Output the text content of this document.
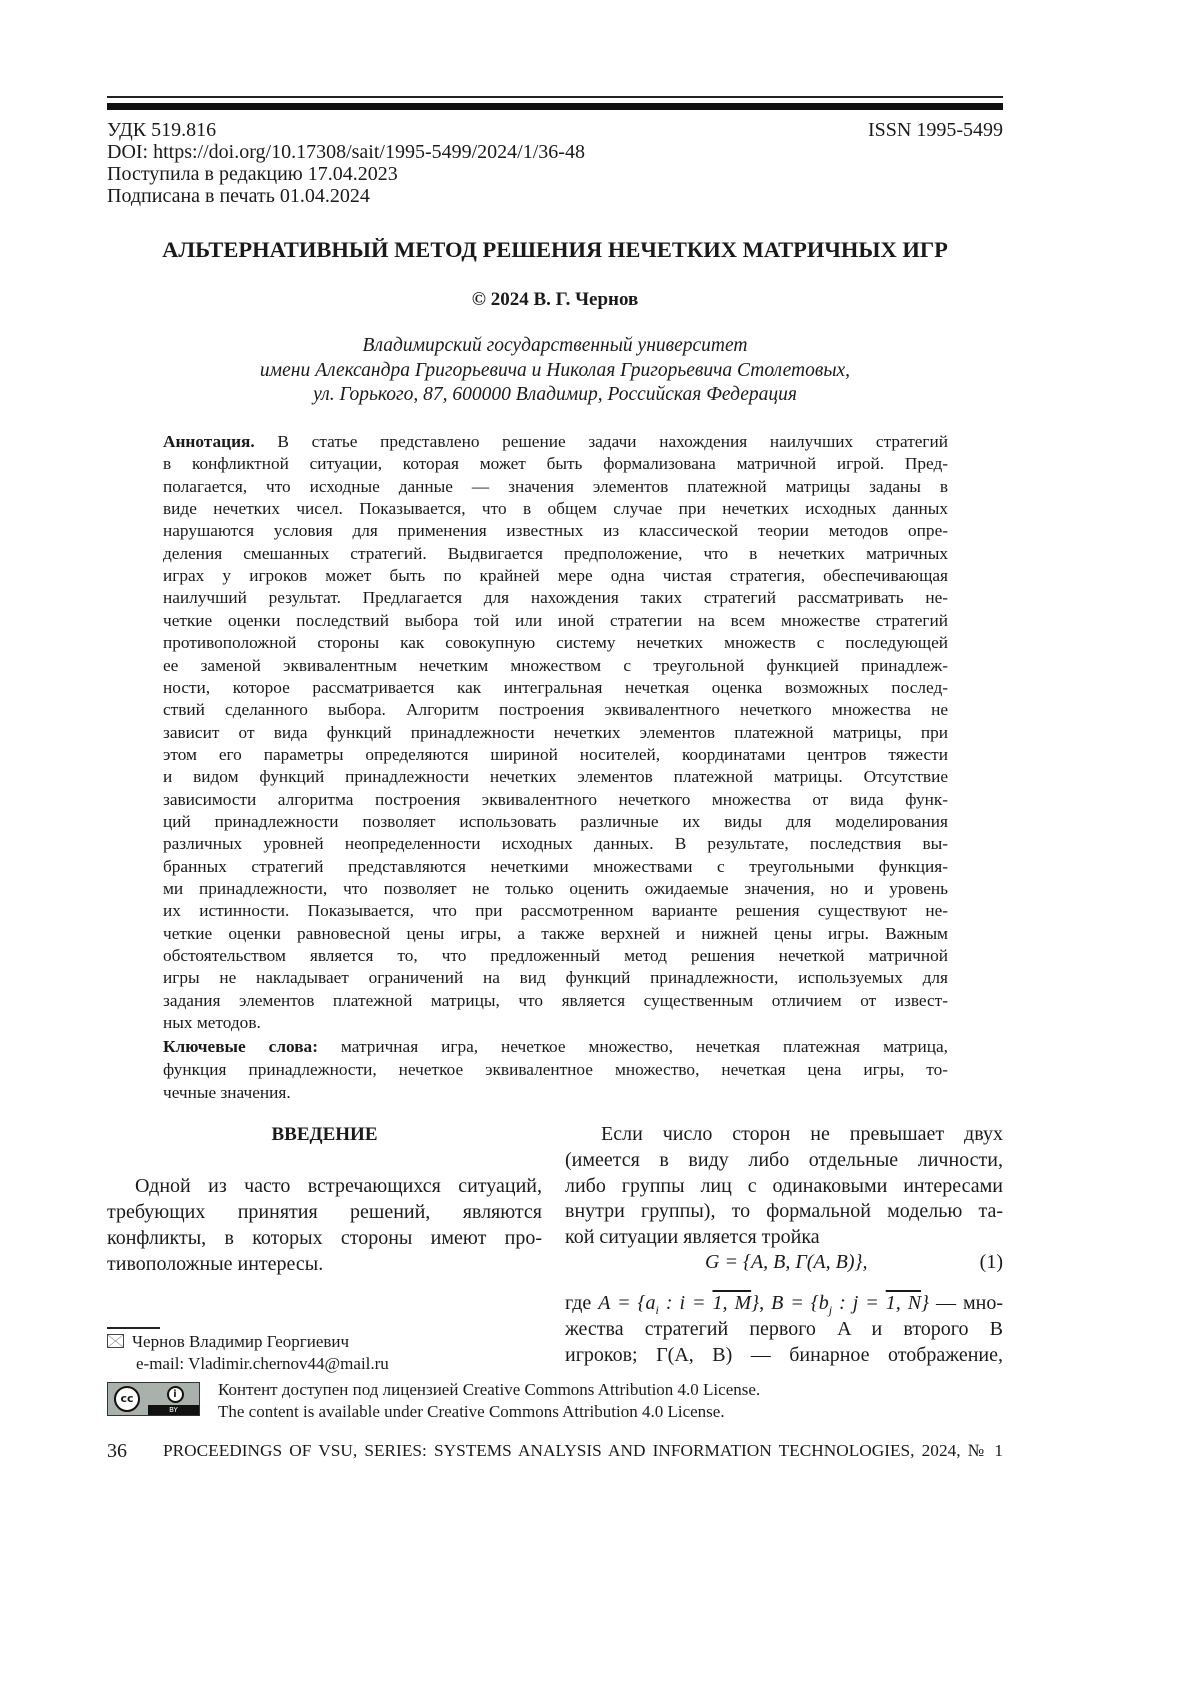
УДК 519.816
DOI: https://doi.org/10.17308/sait/1995-5499/2024/1/36-48
Поступила в редакцию 17.04.2023
Подписана в печать 01.04.2024
ISSN 1995-5499
АЛЬТЕРНАТИВНЫЙ МЕТОД РЕШЕНИЯ НЕЧЕТКИХ МАТРИЧНЫХ ИГР
© 2024 В. Г. Чернов
Владимирский государственный университет
имени Александра Григорьевича и Николая Григорьевича Столетовых,
ул. Горького, 87, 600000 Владимир, Российская Федерация
Аннотация. В статье представлено решение задачи нахождения наилучших стратегий
в конфликтной ситуации, которая может быть формализована матричной игрой. Пред-
полагается, что исходные данные — значения элементов платежной матрицы заданы в
виде нечетких чисел. Показывается, что в общем случае при нечетких исходных данных
нарушаются условия для применения известных из классической теории методов опре-
деления смешанных стратегий. Выдвигается предположение, что в нечетких матричных
играх у игроков может быть по крайней мере одна чистая стратегия, обеспечивающая
наилучший результат. Предлагается для нахождения таких стратегий рассматривать не-
четкие оценки последствий выбора той или иной стратегии на всем множестве стратегий
противоположной стороны как совокупную систему нечетких множеств с последующей
ее заменой эквивалентным нечетким множеством с треугольной функцией принадлеж-
ности, которое рассматривается как интегральная нечеткая оценка возможных послед-
ствий сделанного выбора. Алгоритм построения эквивалентного нечеткого множества не
зависит от вида функций принадлежности нечетких элементов платежной матрицы, при
этом его параметры определяются шириной носителей, координатами центров тяжести
и видом функций принадлежности нечетких элементов платежной матрицы. Отсутствие
зависимости алгоритма построения эквивалентного нечеткого множества от вида функ-
ций принадлежности позволяет использовать различные их виды для моделирования
различных уровней неопределенности исходных данных. В результате, последствия вы-
бранных стратегий представляются нечеткими множествами с треугольными функция-
ми принадлежности, что позволяет не только оценить ожидаемые значения, но и уровень
их истинности. Показывается, что при рассмотренном варианте решения существуют не-
четкие оценки равновесной цены игры, а также верхней и нижней цены игры. Важным
обстоятельством является то, что предложенный метод решения нечеткой матричной
игры не накладывает ограничений на вид функций принадлежности, используемых для
задания элементов платежной матрицы, что является существенным отличием от извест-
ных методов.
Ключевые слова: матричная игра, нечеткое множество, нечеткая платежная матрица,
функция принадлежности, нечеткое эквивалентное множество, нечеткая цена игры, то-
чечные значения.
ВВЕДЕНИЕ
Одной из часто встречающихся ситуаций,
требующих принятия решений, являются
конфликты, в которых стороны имеют про-
тивоположные интересы.
Если число сторон не превышает двух
(имеется в виду либо отдельные личности,
либо группы лиц с одинаковыми интересами
внутри группы), то формальной моделью та-
кой ситуации является тройка
G = {A, B, Γ(A, B)},	(1)
где $A = \{a_i$ : i = 1, M}, $B = \{b_j$ : j = 1, N} — мно-
жества стратегий первого A и второго B
игроков; Γ(A, B) — бинарное отображение,
Чернов Владимир Георгиевич
e-mail: Vladimir.chernov44@mail.ru
cc	i
BY
Контент доступен под лицензией Creative Commons Attribution 4.0 License.
The content is available under Creative Commons Attribution 4.0 License.
36 PROCEEDINGS OF VSU, SERIES: SYSTEMS ANALYSIS AND INFORMATION TECHNOLOGIES, 2024, № 1
